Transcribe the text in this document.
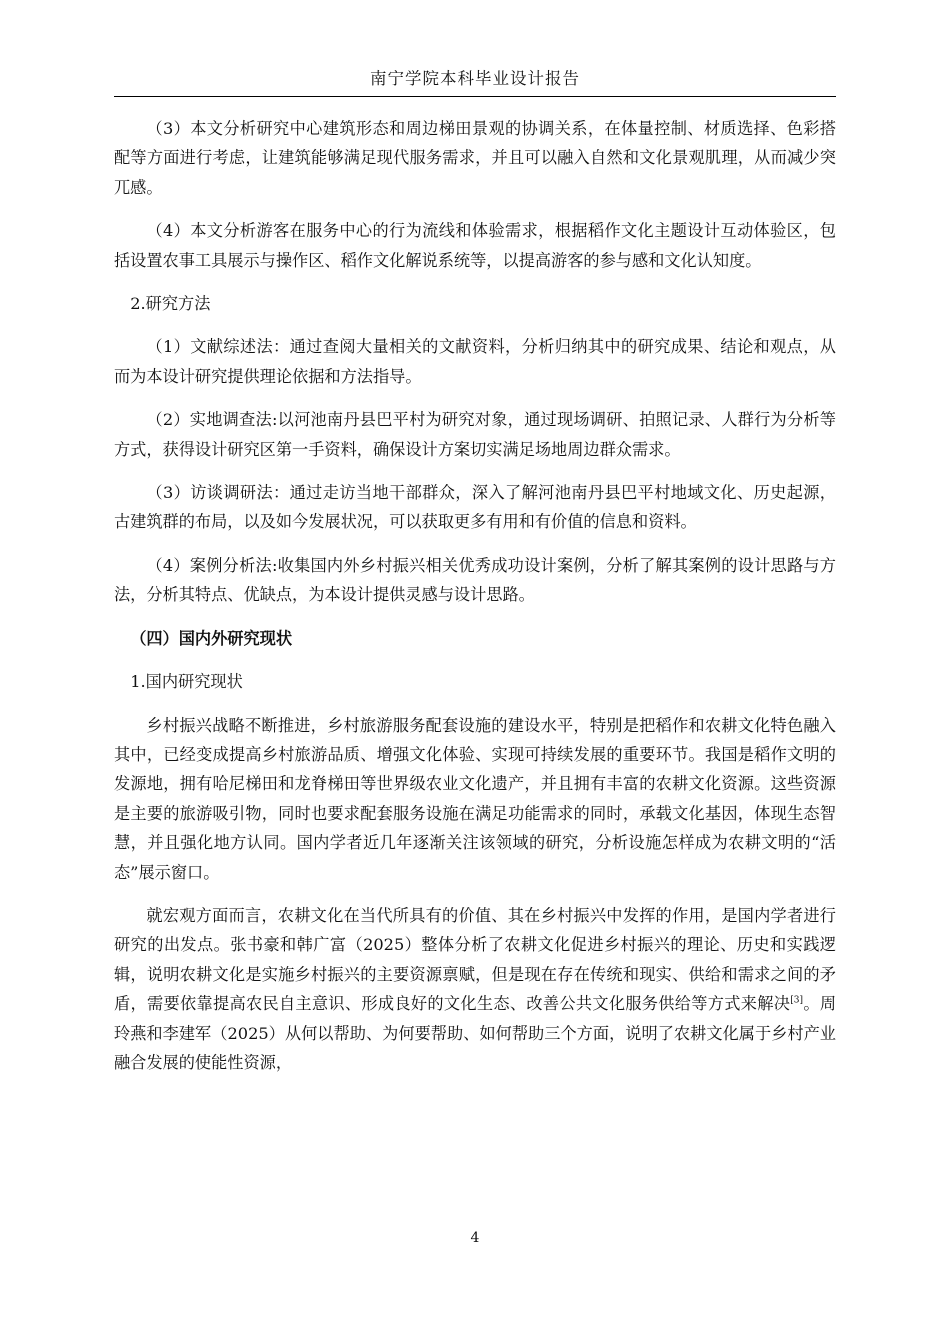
南宁学院本科毕业设计报告

（3）本文分析研究中心建筑形态和周边梯田景观的协调关系，在体量控制、材质选择、色彩搭配等方面进行考虑，让建筑能够满足现代服务需求，并且可以融入自然和文化景观肌理，从而减少突兀感。

（4）本文分析游客在服务中心的行为流线和体验需求，根据稻作文化主题设计互动体验区，包括设置农事工具展示与操作区、稻作文化解说系统等，以提高游客的参与感和文化认知度。

2.研究方法

（1）文献综述法：通过查阅大量相关的文献资料，分析归纳其中的研究成果、结论和观点，从而为本设计研究提供理论依据和方法指导。

（2）实地调查法:以河池南丹县巴平村为研究对象，通过现场调研、拍照记录、人群行为分析等方式，获得设计研究区第一手资料，确保设计方案切实满足场地周边群众需求。

（3）访谈调研法：通过走访当地干部群众，深入了解河池南丹县巴平村地域文化、历史起源，古建筑群的布局，以及如今发展状况，可以获取更多有用和有价值的信息和资料。

（4）案例分析法:收集国内外乡村振兴相关优秀成功设计案例，分析了解其案例的设计思路与方法，分析其特点、优缺点，为本设计提供灵感与设计思路。

（四）国内外研究现状

1.国内研究现状

乡村振兴战略不断推进，乡村旅游服务配套设施的建设水平，特别是把稻作和农耕文化特色融入其中，已经变成提高乡村旅游品质、增强文化体验、实现可持续发展的重要环节。我国是稻作文明的发源地，拥有哈尼梯田和龙脊梯田等世界级农业文化遗产，并且拥有丰富的农耕文化资源。这些资源是主要的旅游吸引物，同时也要求配套服务设施在满足功能需求的同时，承载文化基因，体现生态智慧，并且强化地方认同。国内学者近几年逐渐关注该领域的研究，分析设施怎样成为农耕文明的“活态”展示窗口。

就宏观方面而言，农耕文化在当代所具有的价值、其在乡村振兴中发挥的作用，是国内学者进行研究的出发点。张书豪和韩广富（2025）整体分析了农耕文化促进乡村振兴的理论、历史和实践逻辑，说明农耕文化是实施乡村振兴的主要资源禀赋，但是现在存在传统和现实、供给和需求之间的矛盾，需要依靠提高农民自主意识、形成良好的文化生态、改善公共文化服务供给等方式来解决[3]。周玲燕和李建军（2025）从何以帮助、为何要帮助、如何帮助三个方面，说明了农耕文化属于乡村产业融合发展的使能性资源，

4
